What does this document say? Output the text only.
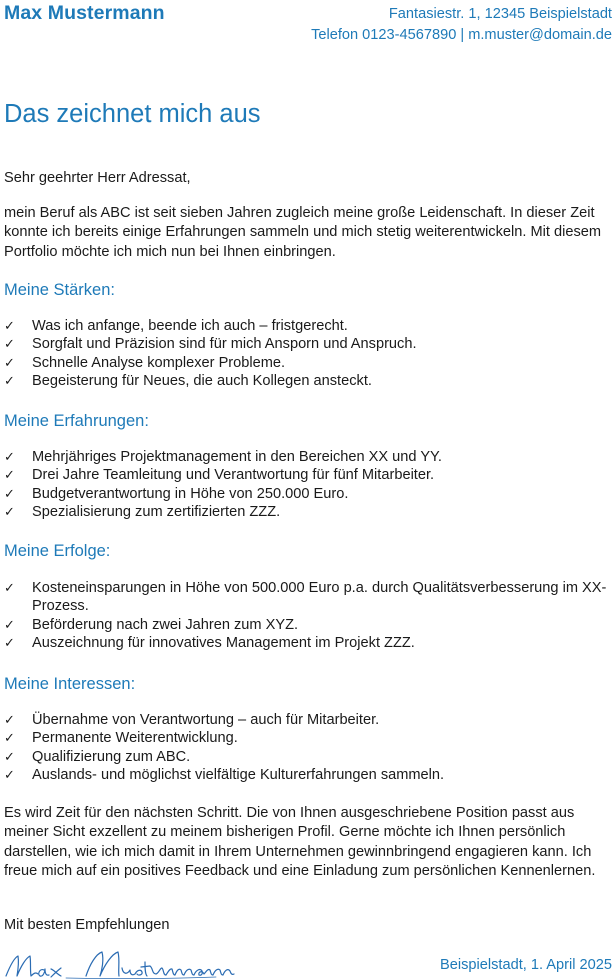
Max Mustermann	Fantasiestr. 1, 12345 Beispielstadt
Telefon 0123-4567890 | m.muster@domain.de
Das zeichnet mich aus
Sehr geehrter Herr Adressat,
mein Beruf als ABC ist seit sieben Jahren zugleich meine große Leidenschaft. In dieser Zeit konnte ich bereits einige Erfahrungen sammeln und mich stetig weiterentwickeln. Mit diesem Portfolio möchte ich mich nun bei Ihnen einbringen.
Meine Stärken:
✓ Was ich anfange, beende ich auch – fristgerecht.
✓ Sorgfalt und Präzision sind für mich Ansporn und Anspruch.
✓ Schnelle Analyse komplexer Probleme.
✓ Begeisterung für Neues, die auch Kollegen ansteckt.
Meine Erfahrungen:
✓ Mehrjähriges Projektmanagement in den Bereichen XX und YY.
✓ Drei Jahre Teamleitung und Verantwortung für fünf Mitarbeiter.
✓ Budgetverantwortung in Höhe von 250.000 Euro.
✓ Spezialisierung zum zertifizierten ZZZ.
Meine Erfolge:
✓ Kosteneinsparungen in Höhe von 500.000 Euro p.a. durch Qualitätsverbesserung im XX-Prozess.
✓ Beförderung nach zwei Jahren zum XYZ.
✓ Auszeichnung für innovatives Management im Projekt ZZZ.
Meine Interessen:
✓ Übernahme von Verantwortung – auch für Mitarbeiter.
✓ Permanente Weiterentwicklung.
✓ Qualifizierung zum ABC.
✓ Auslands- und möglichst vielfältige Kulturerfahrungen sammeln.
Es wird Zeit für den nächsten Schritt. Die von Ihnen ausgeschriebene Position passt aus meiner Sicht exzellent zu meinem bisherigen Profil. Gerne möchte ich Ihnen persönlich darstellen, wie ich mich damit in Ihrem Unternehmen gewinnbringend engagieren kann. Ich freue mich auf ein positives Feedback und eine Einladung zum persönlichen Kennenlernen.
Mit besten Empfehlungen
Beispielstadt, 1. April 2025
